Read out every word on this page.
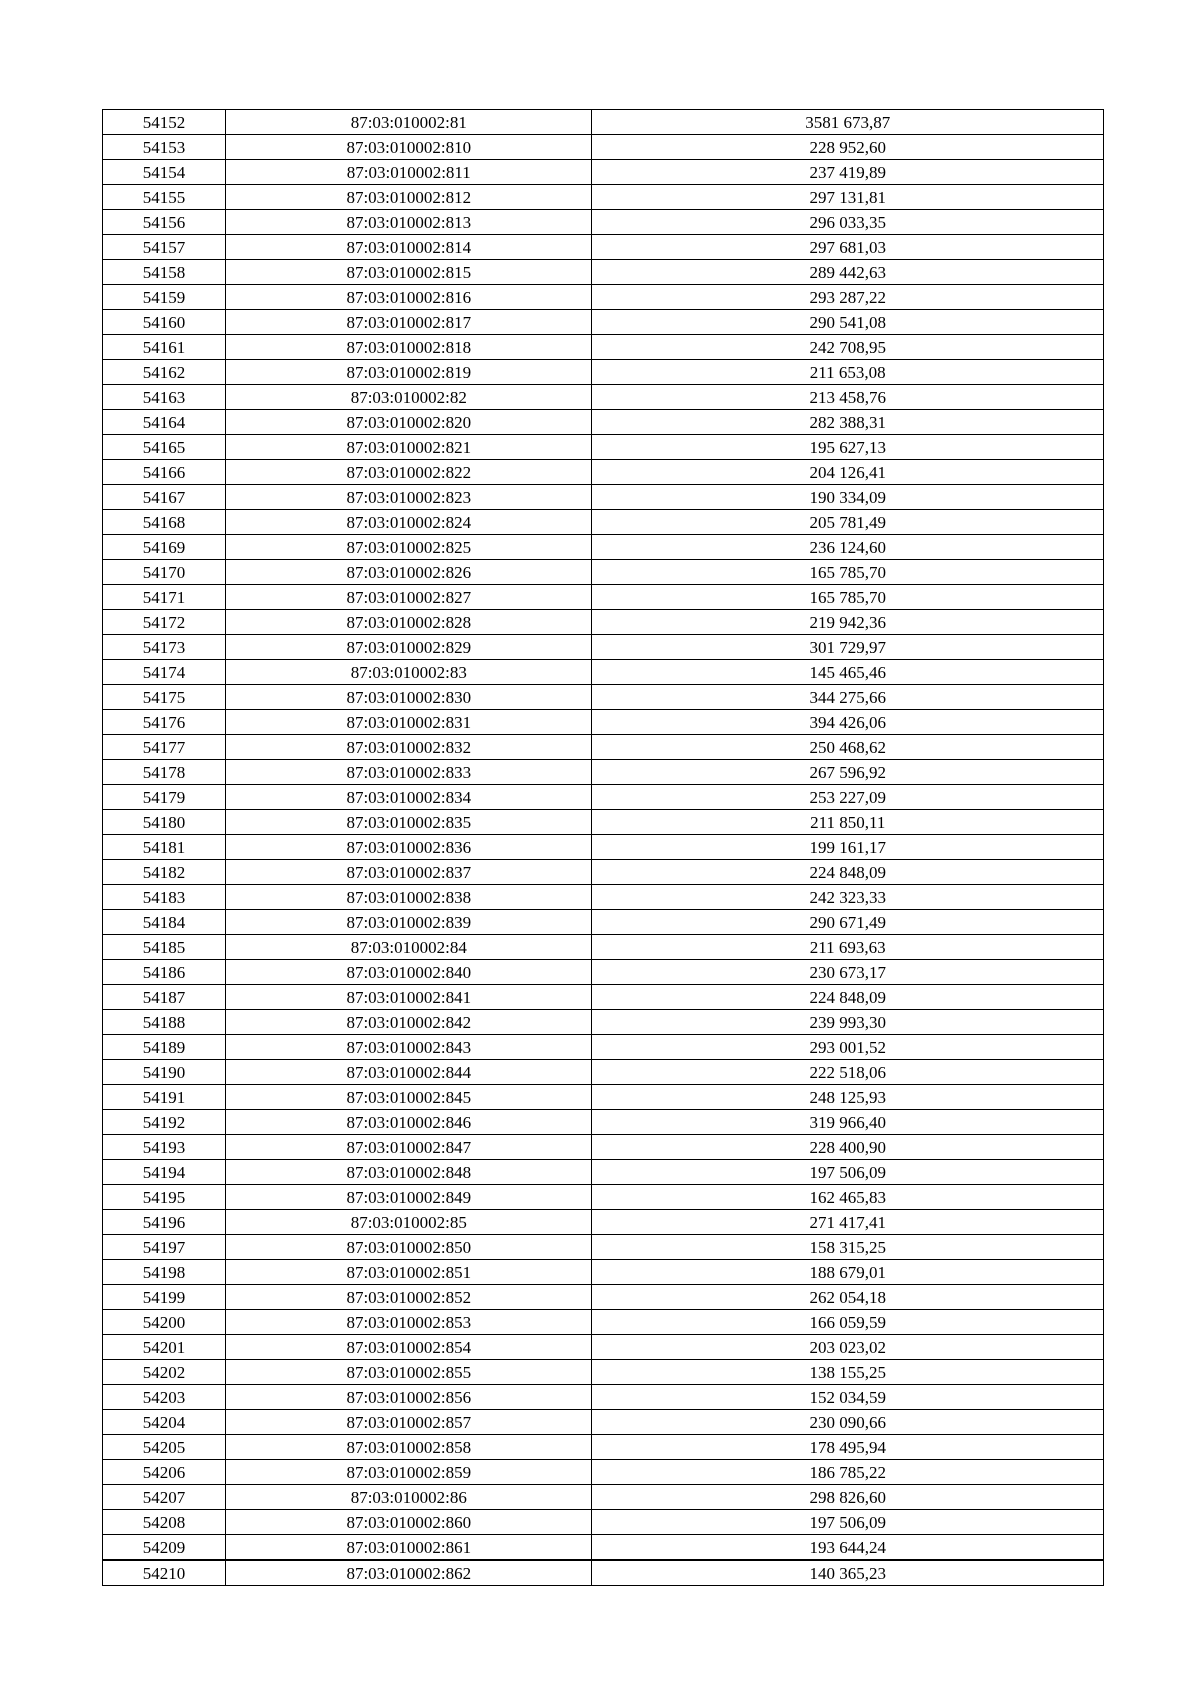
54152	87:03:010002:81	3581 673,87
54153	87:03:010002:810	228 952,60
54154	87:03:010002:811	237 419,89
54155	87:03:010002:812	297 131,81
54156	87:03:010002:813	296 033,35
54157	87:03:010002:814	297 681,03
54158	87:03:010002:815	289 442,63
54159	87:03:010002:816	293 287,22
54160	87:03:010002:817	290 541,08
54161	87:03:010002:818	242 708,95
54162	87:03:010002:819	211 653,08
54163	87:03:010002:82	213 458,76
54164	87:03:010002:820	282 388,31
54165	87:03:010002:821	195 627,13
54166	87:03:010002:822	204 126,41
54167	87:03:010002:823	190 334,09
54168	87:03:010002:824	205 781,49
54169	87:03:010002:825	236 124,60
54170	87:03:010002:826	165 785,70
54171	87:03:010002:827	165 785,70
54172	87:03:010002:828	219 942,36
54173	87:03:010002:829	301 729,97
54174	87:03:010002:83	145 465,46
54175	87:03:010002:830	344 275,66
54176	87:03:010002:831	394 426,06
54177	87:03:010002:832	250 468,62
54178	87:03:010002:833	267 596,92
54179	87:03:010002:834	253 227,09
54180	87:03:010002:835	211 850,11
54181	87:03:010002:836	199 161,17
54182	87:03:010002:837	224 848,09
54183	87:03:010002:838	242 323,33
54184	87:03:010002:839	290 671,49
54185	87:03:010002:84	211 693,63
54186	87:03:010002:840	230 673,17
54187	87:03:010002:841	224 848,09
54188	87:03:010002:842	239 993,30
54189	87:03:010002:843	293 001,52
54190	87:03:010002:844	222 518,06
54191	87:03:010002:845	248 125,93
54192	87:03:010002:846	319 966,40
54193	87:03:010002:847	228 400,90
54194	87:03:010002:848	197 506,09
54195	87:03:010002:849	162 465,83
54196	87:03:010002:85	271 417,41
54197	87:03:010002:850	158 315,25
54198	87:03:010002:851	188 679,01
54199	87:03:010002:852	262 054,18
54200	87:03:010002:853	166 059,59
54201	87:03:010002:854	203 023,02
54202	87:03:010002:855	138 155,25
54203	87:03:010002:856	152 034,59
54204	87:03:010002:857	230 090,66
54205	87:03:010002:858	178 495,94
54206	87:03:010002:859	186 785,22
54207	87:03:010002:86	298 826,60
54208	87:03:010002:860	197 506,09
54209	87:03:010002:861	193 644,24
54210	87:03:010002:862	140 365,23
